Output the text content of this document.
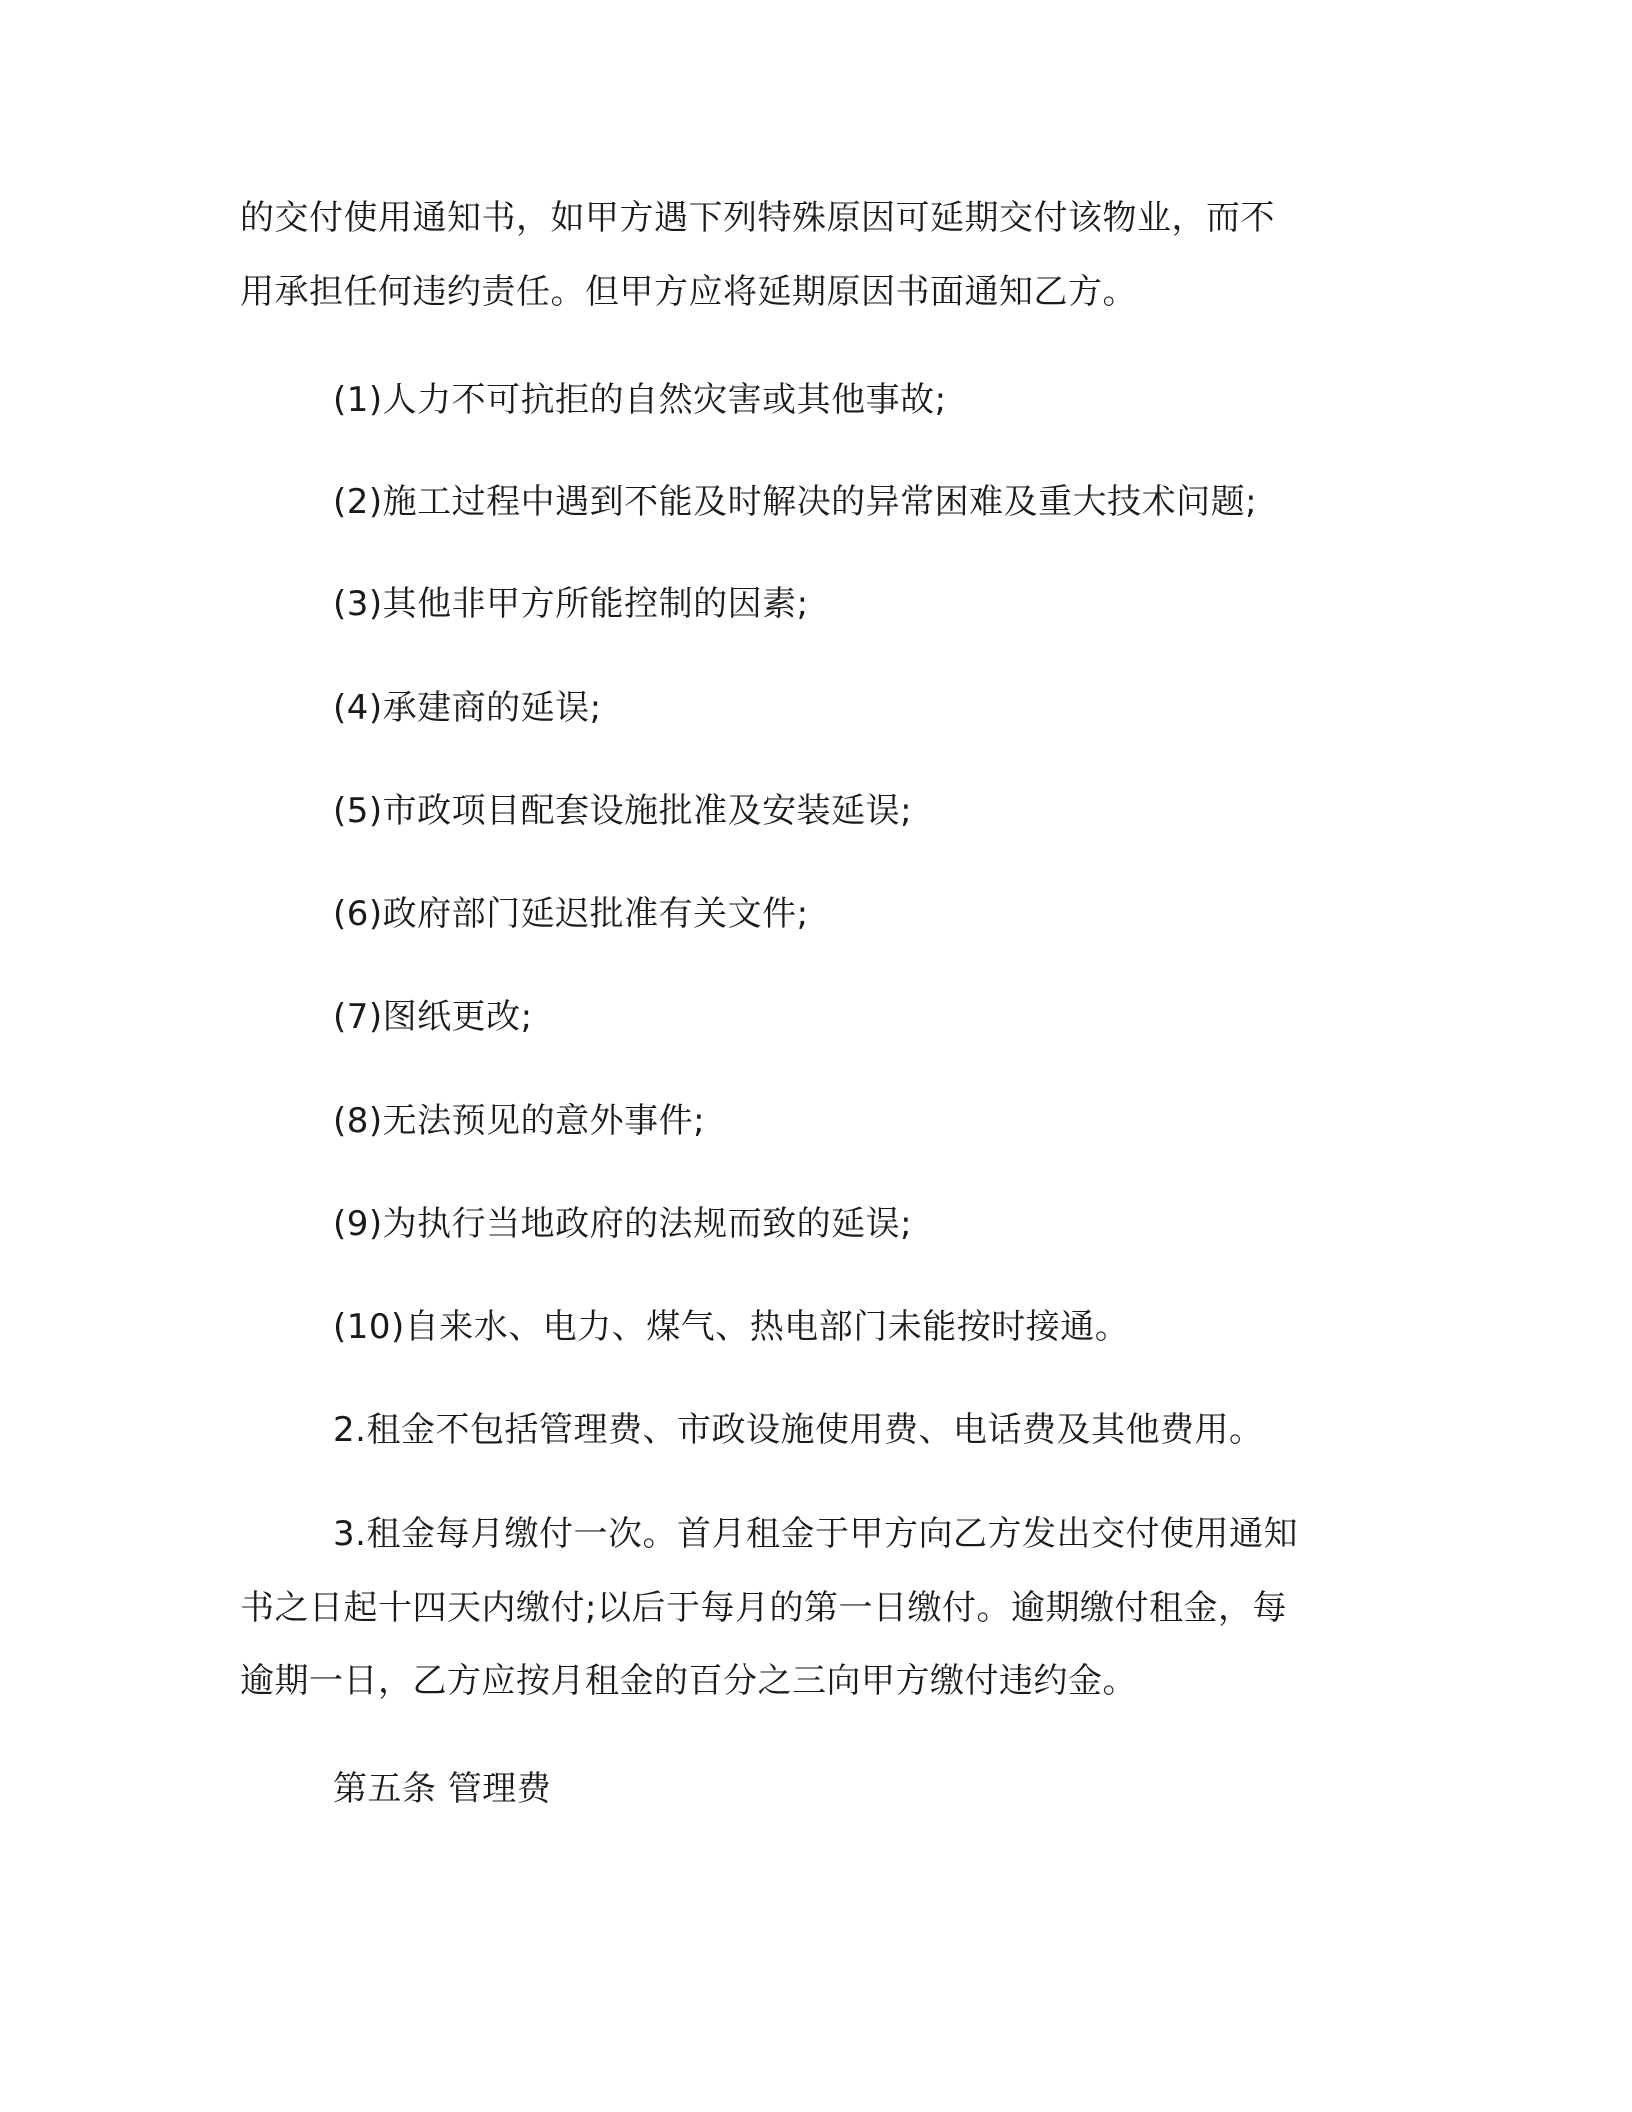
的交付使用通知书，如甲方遇下列特殊原因可延期交付该物业，而不
用承担任何违约责任。但甲方应将延期原因书面通知乙方。
(1)人力不可抗拒的自然灾害或其他事故;
(2)施工过程中遇到不能及时解决的异常困难及重大技术问题;
(3)其他非甲方所能控制的因素;
(4)承建商的延误;
(5)市政项目配套设施批准及安装延误;
(6)政府部门延迟批准有关文件;
(7)图纸更改;
(8)无法预见的意外事件;
(9)为执行当地政府的法规而致的延误;
(10)自来水、电力、煤气、热电部门未能按时接通。
2.租金不包括管理费、市政设施使用费、电话费及其他费用。
3.租金每月缴付一次。首月租金于甲方向乙方发出交付使用通知
书之日起十四天内缴付;以后于每月的第一日缴付。逾期缴付租金，每
逾期一日，乙方应按月租金的百分之三向甲方缴付违约金。
第五条 管理费
